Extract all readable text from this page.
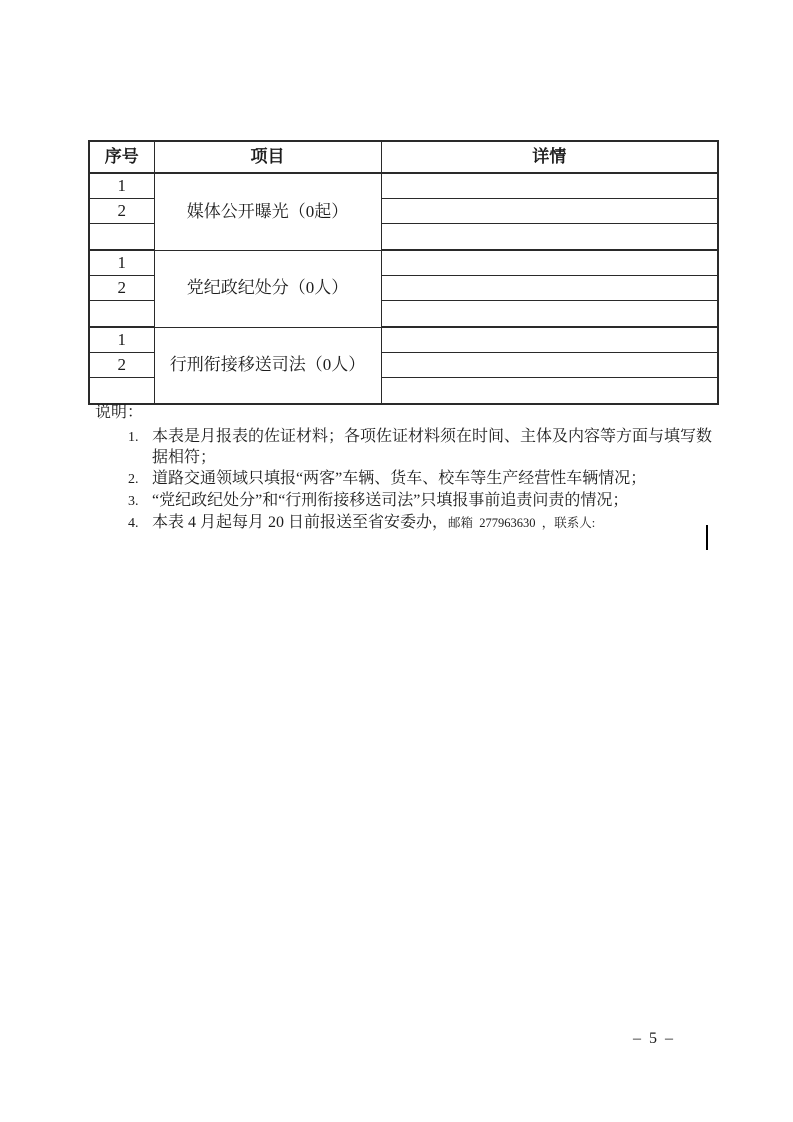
序号	项目	详情
1	媒体公开曝光（0起）	
2		

1	党纪政纪处分（0人）	
2		

1	行刑衔接移送司法（0人）	
2		

说明：
1. 本表是月报表的佐证材料；各项佐证材料须在时间、主体及内容等方面与填写数据相符；
2. 道路交通领域只填报“两客”车辆、货车、校车等生产经营性车辆情况；
3. “党纪政纪处分”和“行刑衔接移送司法”只填报事前追责问责的情况；
4. 本表 4 月起每月 20 日前报送至省安委办，邮箱  277963630  ，联系人:
– 5 –
